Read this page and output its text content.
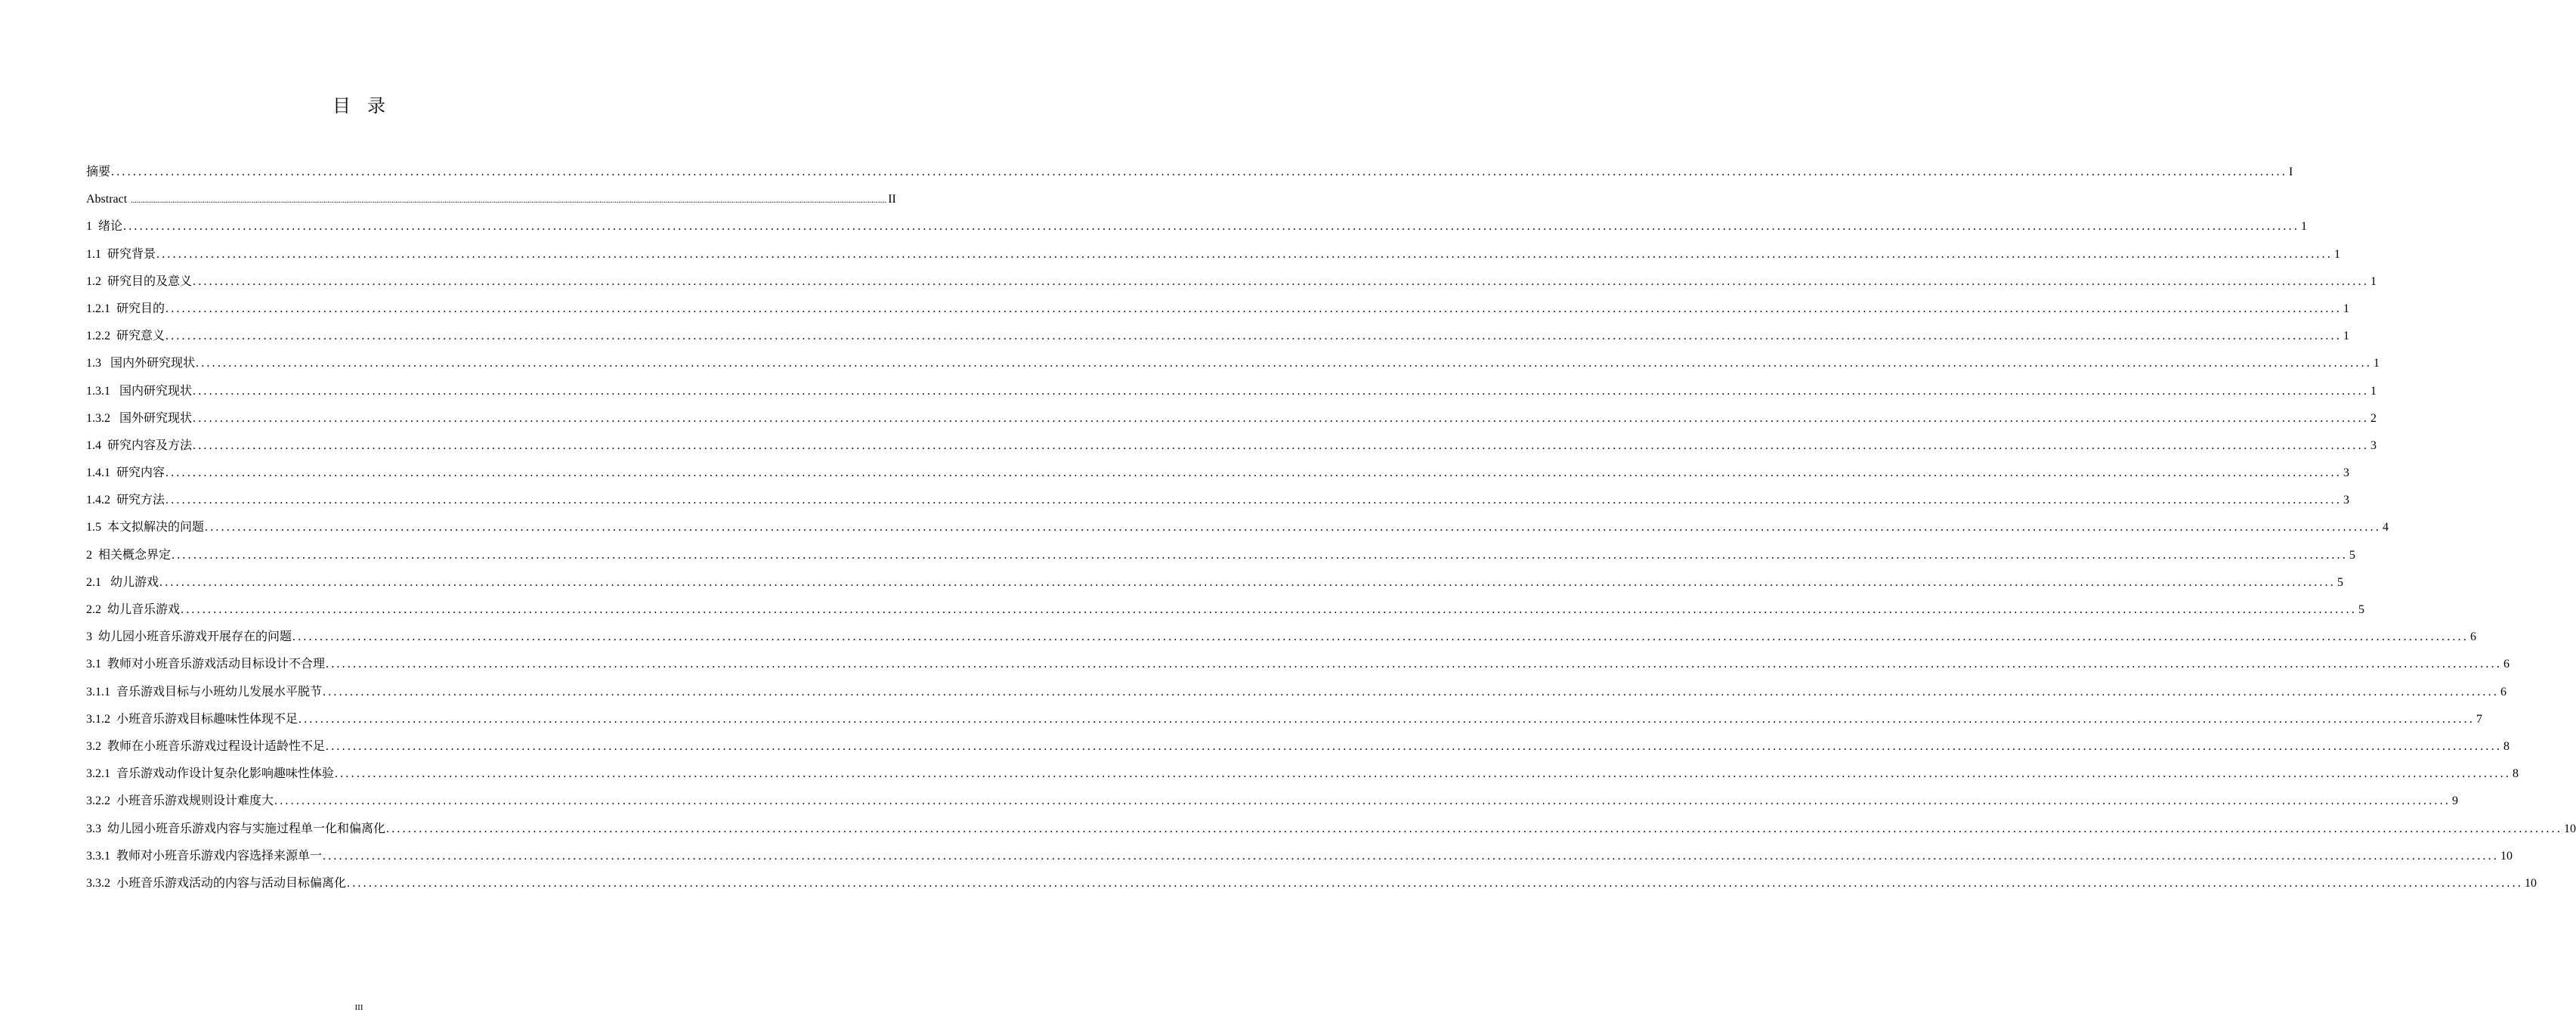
目录
摘要 ................................................................................................................................................................................................................................................................................................................................................................................................................ I
Abstract ................................................................................................................................................................................................................................................................................................................................................................................................................ II
1  绪论 ................................................................................................................................................................................................................................................................................................................................................................................................................ 1
1.1  研究背景 ................................................................................................................................................................................................................................................................................................................................................................................................................ 1
1.2  研究目的及意义 ................................................................................................................................................................................................................................................................................................................................................................................................................ 1
1.2.1  研究目的 ................................................................................................................................................................................................................................................................................................................................................................................................................ 1
1.2.2  研究意义 ................................................................................................................................................................................................................................................................................................................................................................................................................ 1
1.3   国内外研究现状 ................................................................................................................................................................................................................................................................................................................................................................................................................ 1
1.3.1   国内研究现状 ................................................................................................................................................................................................................................................................................................................................................................................................................ 1
1.3.2   国外研究现状 ................................................................................................................................................................................................................................................................................................................................................................................................................ 2
1.4  研究内容及方法 ................................................................................................................................................................................................................................................................................................................................................................................................................ 3
1.4.1  研究内容 ................................................................................................................................................................................................................................................................................................................................................................................................................ 3
1.4.2  研究方法 ................................................................................................................................................................................................................................................................................................................................................................................................................ 3
1.5  本文拟解决的问题 ................................................................................................................................................................................................................................................................................................................................................................................................................ 4
2  相关概念界定 ................................................................................................................................................................................................................................................................................................................................................................................................................ 5
2.1   幼儿游戏 ................................................................................................................................................................................................................................................................................................................................................................................................................ 5
2.2  幼儿音乐游戏 ................................................................................................................................................................................................................................................................................................................................................................................................................ 5
3  幼儿园小班音乐游戏开展存在的问题 ................................................................................................................................................................................................................................................................................................................................................................................................................ 6
3.1  教师对小班音乐游戏活动目标设计不合理 ................................................................................................................................................................................................................................................................................................................................................................................................................ 6
3.1.1  音乐游戏目标与小班幼儿发展水平脱节 ................................................................................................................................................................................................................................................................................................................................................................................................................ 6
3.1.2  小班音乐游戏目标趣味性体现不足 ................................................................................................................................................................................................................................................................................................................................................................................................................ 7
3.2  教师在小班音乐游戏过程设计适龄性不足 ................................................................................................................................................................................................................................................................................................................................................................................................................ 8
3.2.1  音乐游戏动作设计复杂化影响趣味性体验 ................................................................................................................................................................................................................................................................................................................................................................................................................ 8
3.2.2  小班音乐游戏规则设计难度大 ................................................................................................................................................................................................................................................................................................................................................................................................................ 9
3.3  幼儿园小班音乐游戏内容与实施过程单一化和偏离化 ................................................................................................................................................................................................................................................................................................................................................................................................................ 10
3.3.1  教师对小班音乐游戏内容选择来源单一 ................................................................................................................................................................................................................................................................................................................................................................................................................ 10
3.3.2  小班音乐游戏活动的内容与活动目标偏离化 ................................................................................................................................................................................................................................................................................................................................................................................................................ 10
III
